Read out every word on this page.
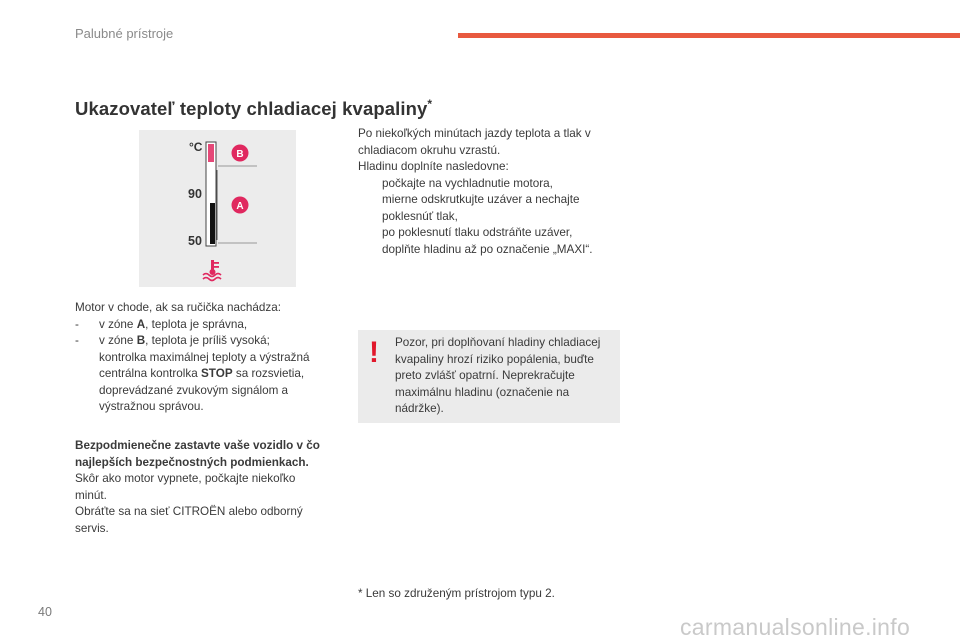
Palubné prístroje
Ukazovateľ teploty chladiacej kvapaliny*
°C
B
A
90
50
Motor v chode, ak sa ručička nachádza:
- v zóne A, teplota je správna,
- v zóne B, teplota je príliš vysoká;
kontrolka maximálnej teploty a výstražná
centrálna kontrolka STOP sa rozsvietia,
doprevádzané zvukovým signálom a
výstražnou správou.
Bezpodmienečne zastavte vaše vozidlo v čo
najlepších bezpečnostných podmienkach.
Skôr ako motor vypnete, počkajte niekoľko
minút.
Obráťte sa na sieť CITROËN alebo odborný
servis.
Po niekoľkých minútach jazdy teplota a tlak v
chladiacom okruhu vzrastú.
Hladinu doplníte nasledovne:
počkajte na vychladnutie motora,
mierne odskrutkujte uzáver a nechajte
poklesnúť tlak,
po poklesnutí tlaku odstráňte uzáver,
doplňte hladinu až po označenie „MAXI“.
! Pozor, pri doplňovaní hladiny chladiacej
kvapaliny hrozí riziko popálenia, buďte
preto zvlášť opatrní. Neprekračujte
maximálnu hladinu (označenie na
nádržke).
* Len so združeným prístrojom typu 2.
40
carmanualsonline.info
